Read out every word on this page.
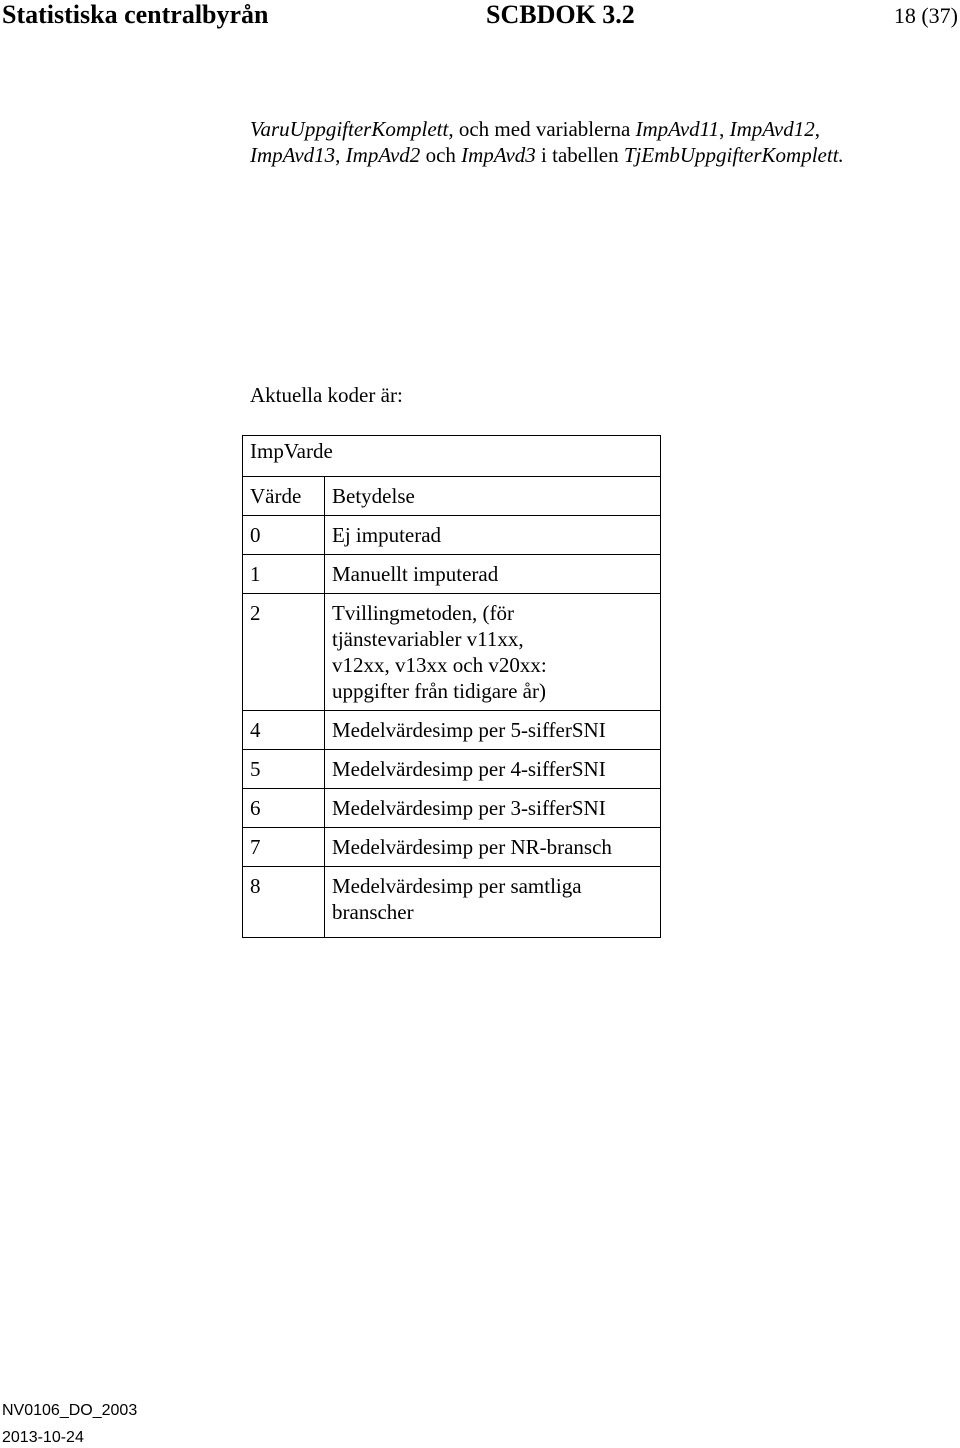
Statistiska centralbyrån	SCBDOK 3.2	18 (37)

VaruUppgifterKomplett, och med variablerna ImpAvd11, ImpAvd12,
ImpAvd13, ImpAvd2 och ImpAvd3 i tabellen TjEmbUppgifterKomplett.

Aktuella koder är:
ImpVarde	
Värde	Betydelse
0	Ej imputerad
1	Manuellt imputerad
2	Tvillingmetoden, (för tjänstevariabler v11xx, v12xx, v13xx och v20xx: uppgifter från tidigare år)
4	Medelvärdesimp per 5-sifferSNI
5	Medelvärdesimp per 4-sifferSNI
6	Medelvärdesimp per 3-sifferSNI
7	Medelvärdesimp per NR-bransch
8	Medelvärdesimp per samtliga branscher
NV0106_DO_2003
2013-10-24
